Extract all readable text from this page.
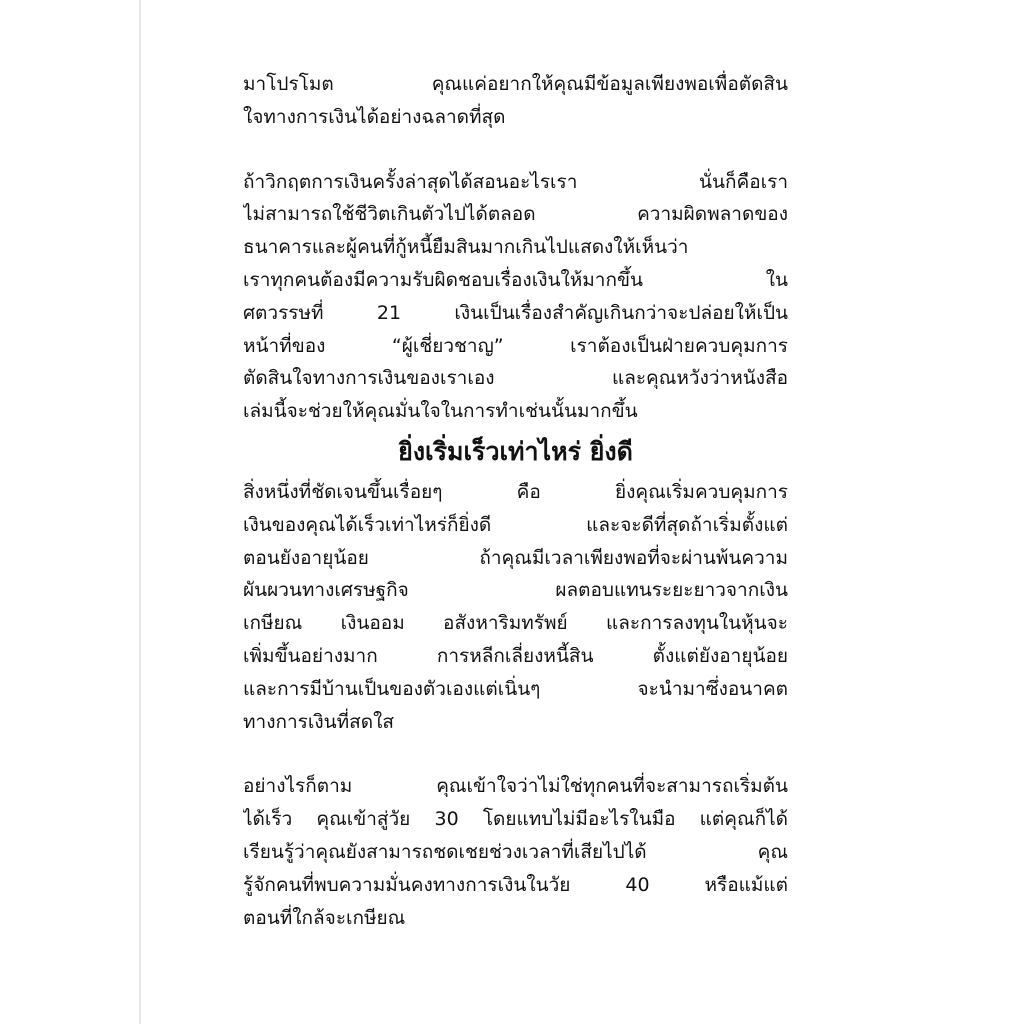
มาโปรโมต คุณแค่อยากให้คุณมีข้อมูลเพียงพอเพื่อตัดสิน
ใจทางการเงินได้อย่างฉลาดที่สุด
ถ้าวิกฤตการเงินครั้งล่าสุดได้สอนอะไรเรา นั่นก็คือเรา
ไม่สามารถใช้ชีวิตเกินตัวไปได้ตลอด ความผิดพลาดของ
ธนาคารและผู้คนที่กู้หนี้ยืมสินมากเกินไปแสดงให้เห็นว่า
เราทุกคนต้องมีความรับผิดชอบเรื่องเงินให้มากขึ้น ใน
ศตวรรษที่ 21 เงินเป็นเรื่องสำคัญเกินกว่าจะปล่อยให้เป็น
หน้าที่ของ “ผู้เชี่ยวชาญ” เราต้องเป็นฝ่ายควบคุมการ
ตัดสินใจทางการเงินของเราเอง และคุณหวังว่าหนังสือ
เล่มนี้จะช่วยให้คุณมั่นใจในการทำเช่นนั้นมากขึ้น
ยิ่งเริ่มเร็วเท่าไหร่ ยิ่งดี
สิ่งหนึ่งที่ชัดเจนขึ้นเรื่อยๆ คือ ยิ่งคุณเริ่มควบคุมการ
เงินของคุณได้เร็วเท่าไหร่ก็ยิ่งดี และจะดีที่สุดถ้าเริ่มตั้งแต่
ตอนยังอายุน้อย ถ้าคุณมีเวลาเพียงพอที่จะผ่านพ้นความ
ผันผวนทางเศรษฐกิจ ผลตอบแทนระยะยาวจากเงิน
เกษียณ เงินออม อสังหาริมทรัพย์ และการลงทุนในหุ้นจะ
เพิ่มขึ้นอย่างมาก การหลีกเลี่ยงหนี้สิน ตั้งแต่ยังอายุน้อย
และการมีบ้านเป็นของตัวเองแต่เนิ่นๆ จะนำมาซึ่งอนาคต
ทางการเงินที่สดใส
อย่างไรก็ตาม คุณเข้าใจว่าไม่ใช่ทุกคนที่จะสามารถเริ่มต้น
ได้เร็ว คุณเข้าสู่วัย 30 โดยแทบไม่มีอะไรในมือ แต่คุณก็ได้
เรียนรู้ว่าคุณยังสามารถชดเชยช่วงเวลาที่เสียไปได้ คุณ
รู้จักคนที่พบความมั่นคงทางการเงินในวัย 40 หรือแม้แต่
ตอนที่ใกล้จะเกษียณ
